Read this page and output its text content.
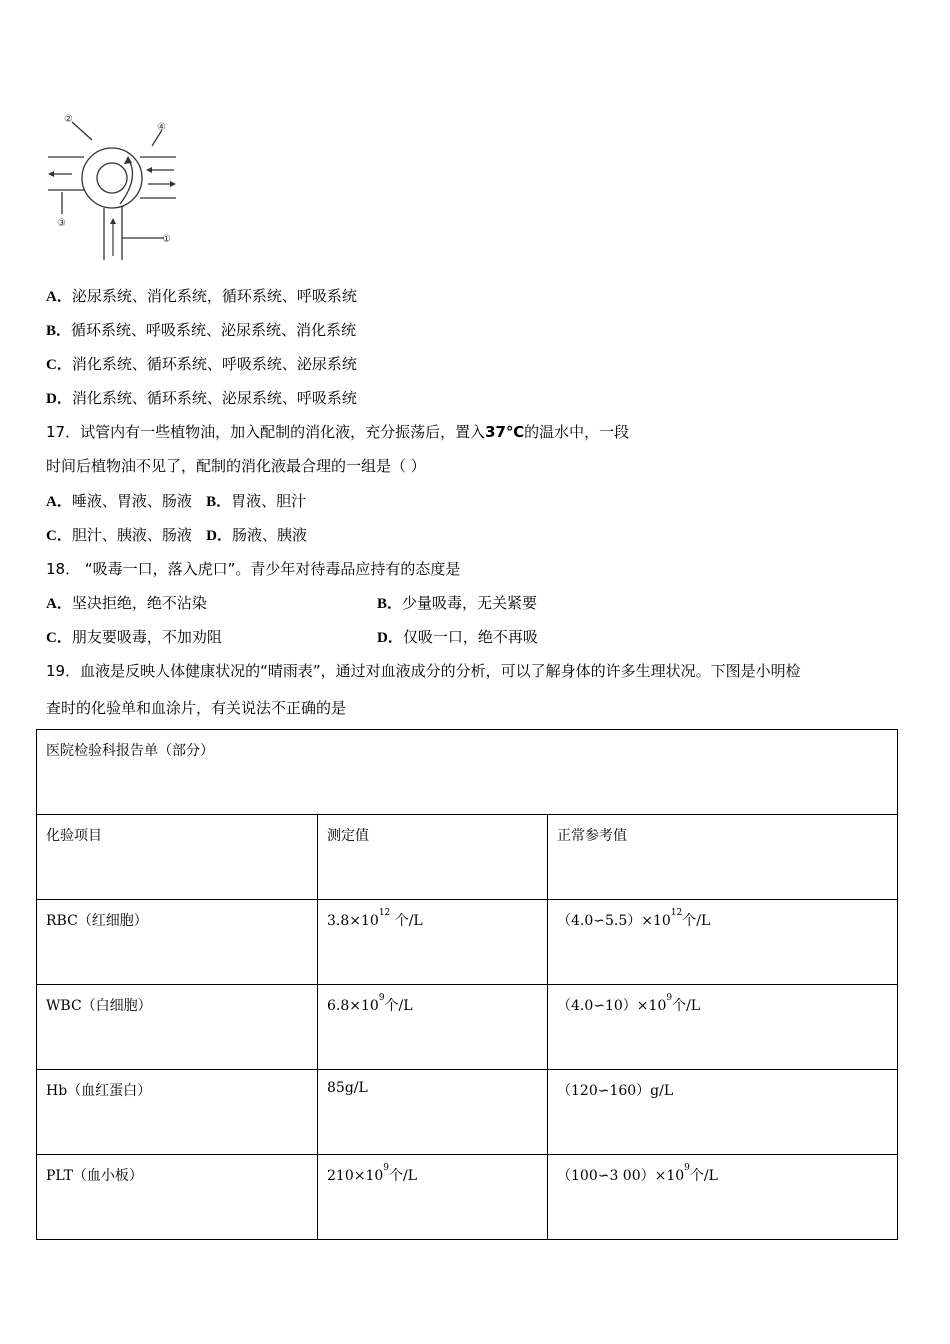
②
④
③
①
A．泌尿系统、消化系统，循环系统、呼吸系统
B．循环系统、呼吸系统、泌尿系统、消化系统
C．消化系统、循环系统、呼吸系统、泌尿系统
D．消化系统、循环系统、泌尿系统、呼吸系统
17．试管内有一些植物油，加入配制的消化液，充分振荡后，置入37℃的温水中，一段
时间后植物油不见了，配制的消化液最合理的一组是（ ）
A．唾液、胃液、肠液   B．胃液、胆汁
C．胆汁、胰液、肠液   D．肠液、胰液
18． “吸毒一口，落入虎口”。青少年对待毒品应持有的态度是
A．坚决拒绝，绝不沾染	B．少量吸毒，无关紧要
C．朋友要吸毒，不加劝阻	D．仅吸一口，绝不再吸
19．血液是反映人体健康状况的“晴雨表”，通过对血液成分的分析，可以了解身体的许多生理状况。下图是小明检
查时的化验单和血涂片，有关说法不正确的是
医院检验科报告单（部分）		
化验项目	测定值	正常参考值
RBC（红细胞）	$3.8\times 10^{12}$ 个/L	$(4.0∽5.5)\times 10^{12}$个/L
WBC（白细胞）	$6.8\times 10^9$个/L	$(4.0∽10)\times 10^9$个/L
Hb（血红蛋白）	85g/L	（120∽160）g/L
PLT（血小板）	$210\times 10^9$个/L	（100∽3 $00)\times 10^9$个/L
